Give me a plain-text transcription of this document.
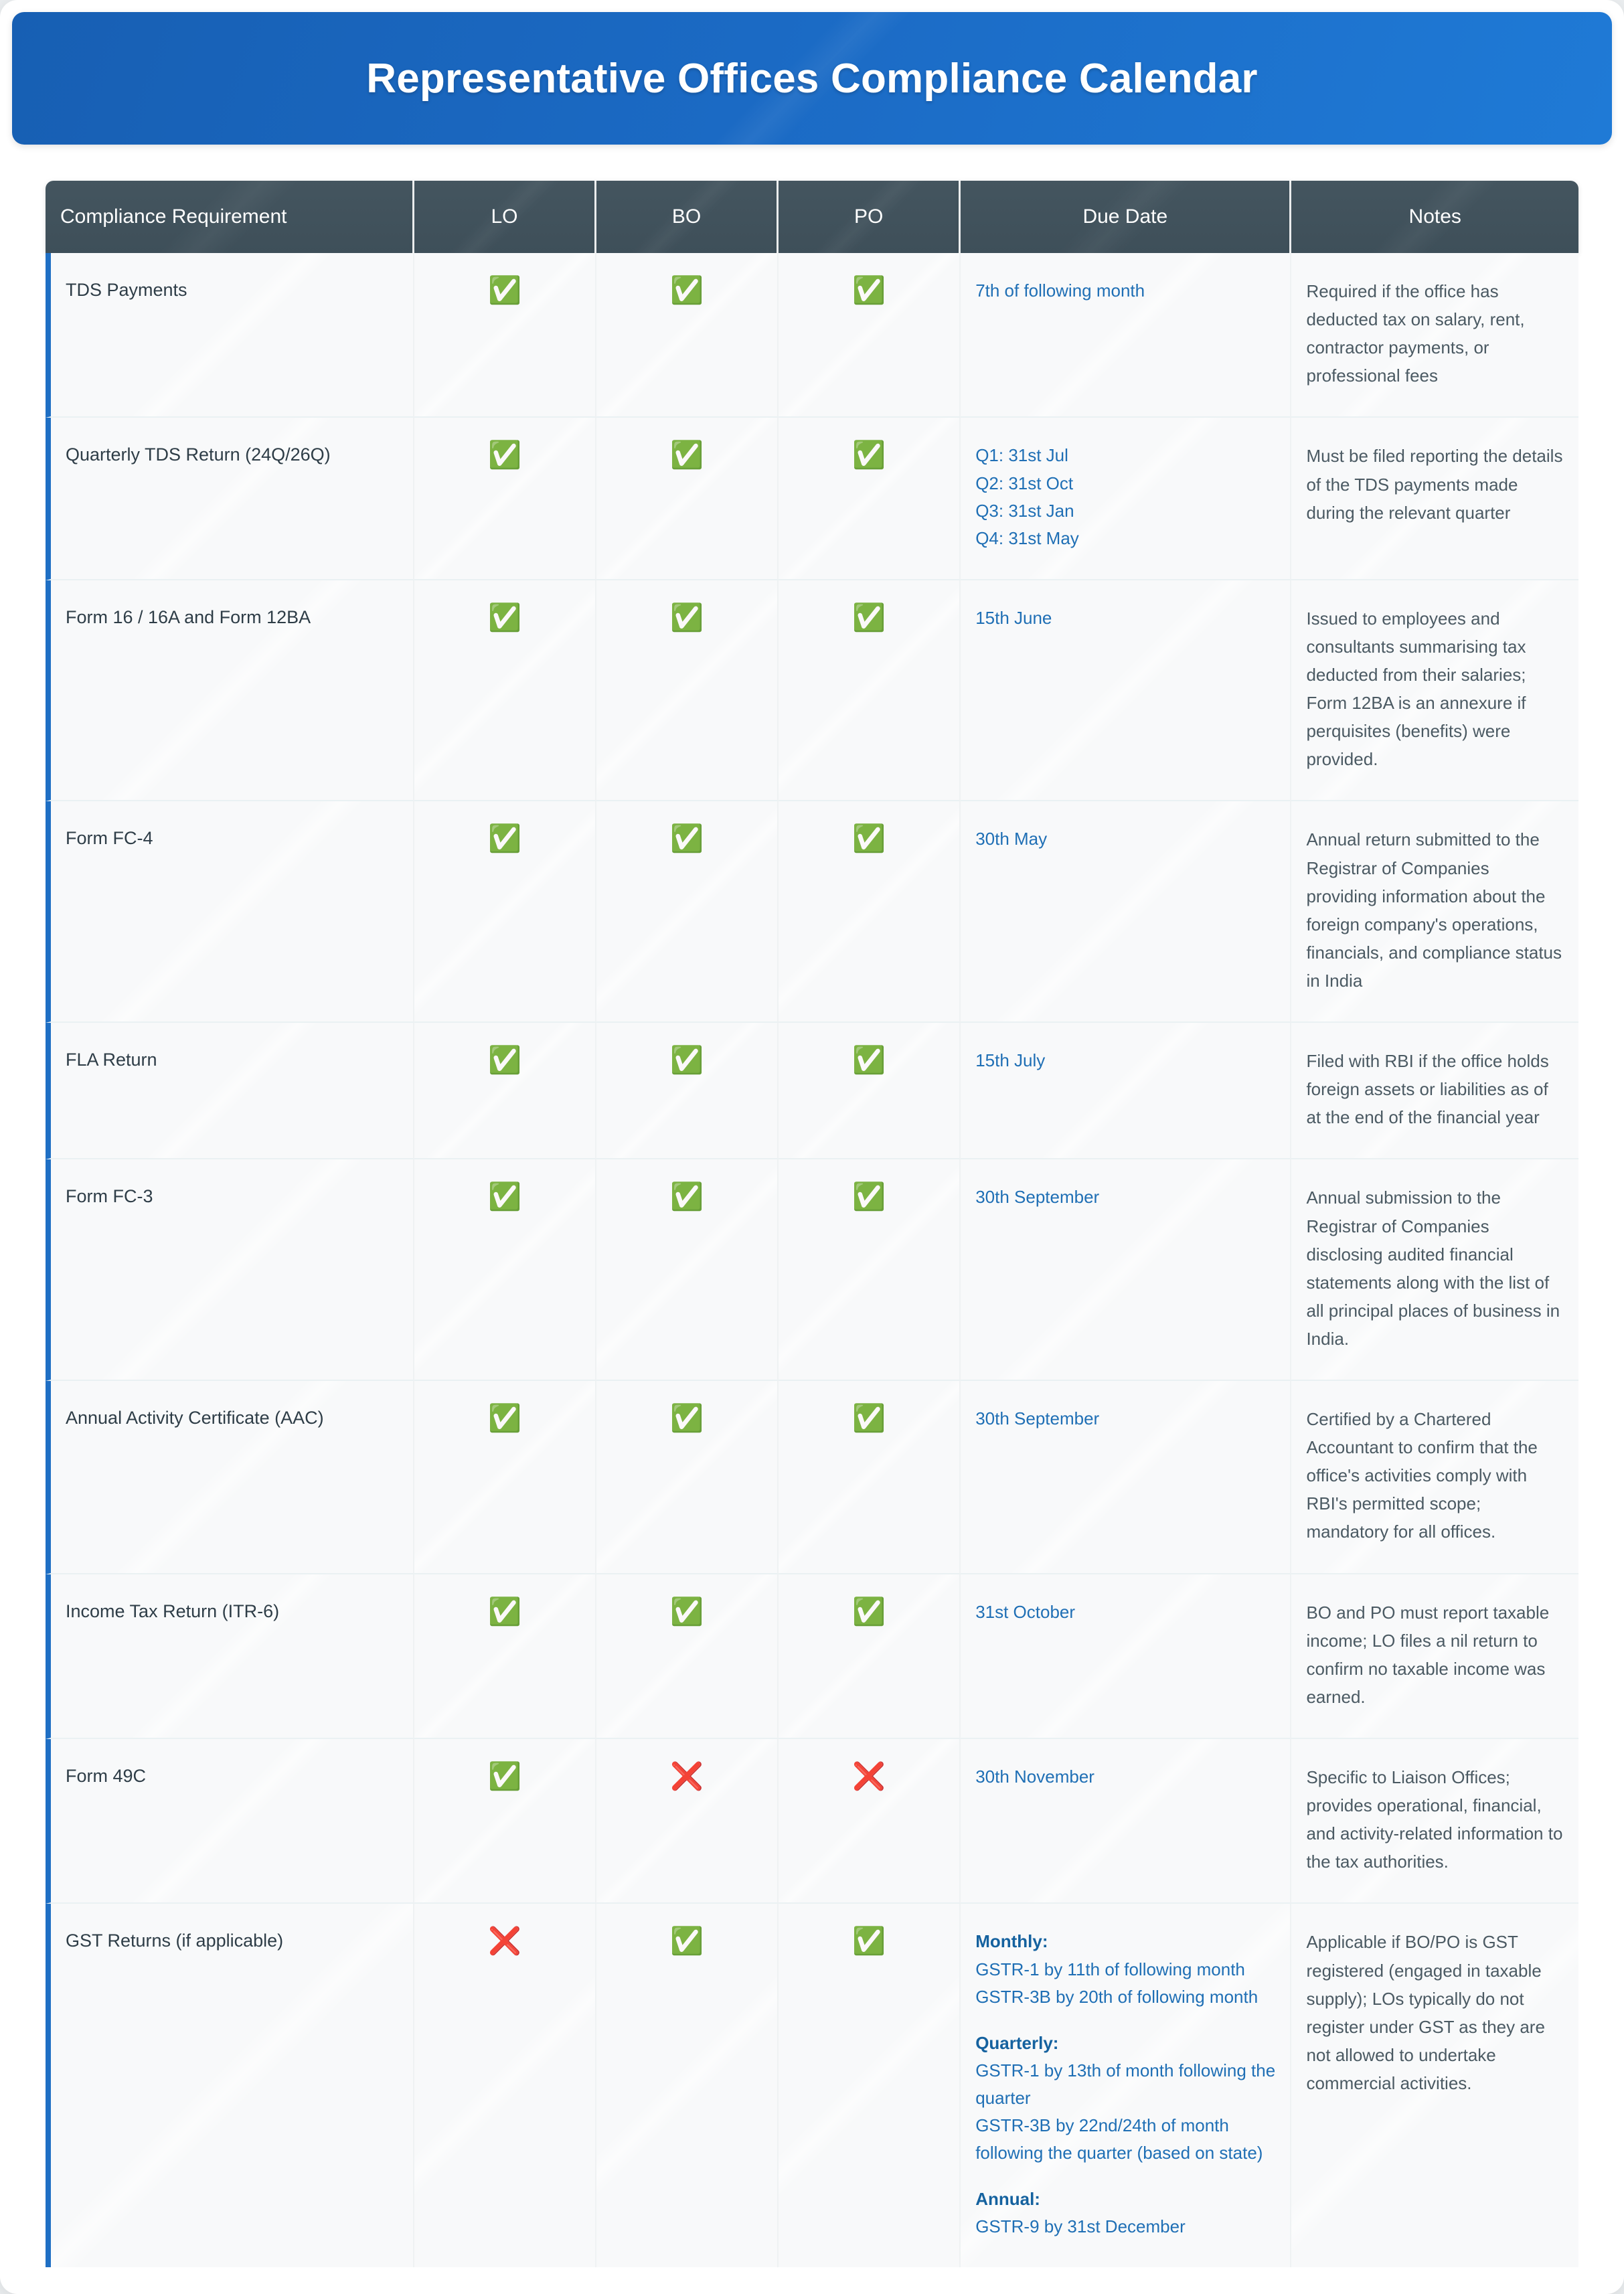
Representative Offices Compliance Calendar
Compliance Requirement	LO	BO	PO	Due Date	Notes
TDS Payments	✅	✅	✅	7th of following month	Required if the office has deducted tax on salary, rent, contractor payments, or professional fees
Quarterly TDS Return (24Q/26Q)	✅	✅	✅	Q1: 31st Jul
Q2: 31st Oct
Q3: 31st Jan
Q4: 31st May	Must be filed reporting the details of the TDS payments made during the relevant quarter
Form 16 / 16A and Form 12BA	✅	✅	✅	15th June	Issued to employees and consultants summarising tax deducted from their salaries; Form 12BA is an annexure if perquisites (benefits) were provided.
Form FC-4	✅	✅	✅	30th May	Annual return submitted to the Registrar of Companies providing information about the foreign company's operations, financials, and compliance status in India
FLA Return	✅	✅	✅	15th July	Filed with RBI if the office holds foreign assets or liabilities as of at the end of the financial year
Form FC-3	✅	✅	✅	30th September	Annual submission to the Registrar of Companies disclosing audited financial statements along with the list of all principal places of business in India.
Annual Activity Certificate (AAC)	✅	✅	✅	30th September	Certified by a Chartered Accountant to confirm that the office's activities comply with RBI's permitted scope; mandatory for all offices.
Income Tax Return (ITR-6)	✅	✅	✅	31st October	BO and PO must report taxable income; LO files a nil return to confirm no taxable income was earned.
Form 49C	✅	❌	❌	30th November	Specific to Liaison Offices; provides operational, financial, and activity-related information to the tax authorities.
GST Returns (if applicable)	❌	✅	✅	Monthly:
GSTR-1 by 11th of following month
GSTR-3B by 20th of following month
Quarterly:
GSTR-1 by 13th of month following the quarter
GSTR-3B by 22nd/24th of month following the quarter (based on state)
Annual:
GSTR-9 by 31st December
	Applicable if BO/PO is GST registered (engaged in taxable supply); LOs typically do not register under GST as they are not allowed to undertake commercial activities.
